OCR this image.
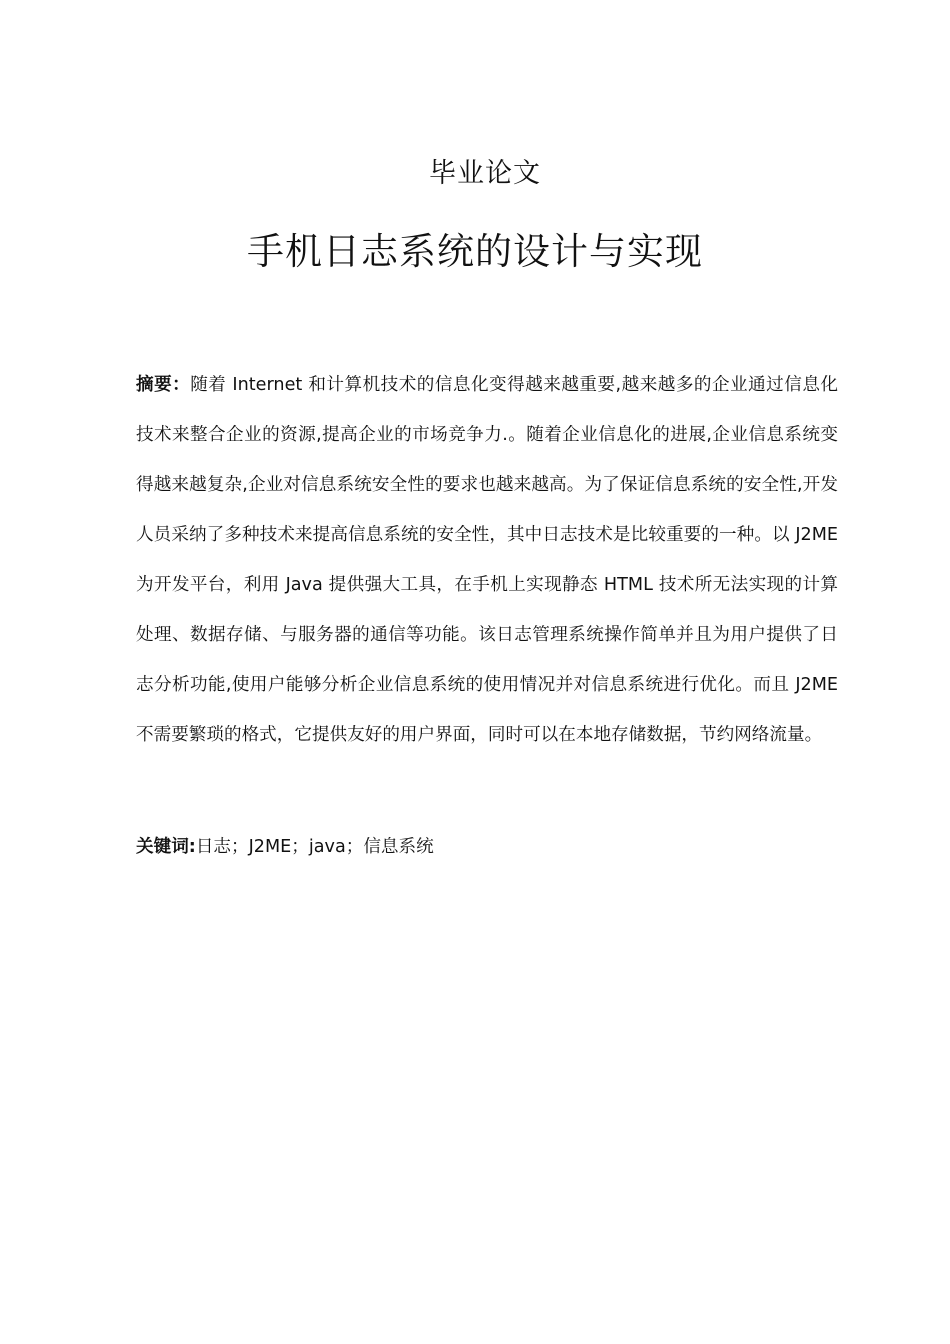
毕业论文
手机日志系统的设计与实现

摘要：随着 Internet 和计算机技术的信息化变得越来越重要,越来越多的企业通过信息化技术来整合企业的资源,提高企业的市场竞争力.。随着企业信息化的进展,企业信息系统变得越来越复杂,企业对信息系统安全性的要求也越来越高。为了保证信息系统的安全性,开发人员采纳了多种技术来提高信息系统的安全性，其中日志技术是比较重要的一种。以 J2ME 为开发平台，利用 Java 提供强大工具，在手机上实现静态 HTML 技术所无法实现的计算处理、数据存储、与服务器的通信等功能。该日志管理系统操作简单并且为用户提供了日志分析功能,使用户能够分析企业信息系统的使用情况并对信息系统进行优化。而且 J2ME 不需要繁琐的格式，它提供友好的用户界面，同时可以在本地存储数据，节约网络流量。

关键词:日志；J2ME；java；信息系统
